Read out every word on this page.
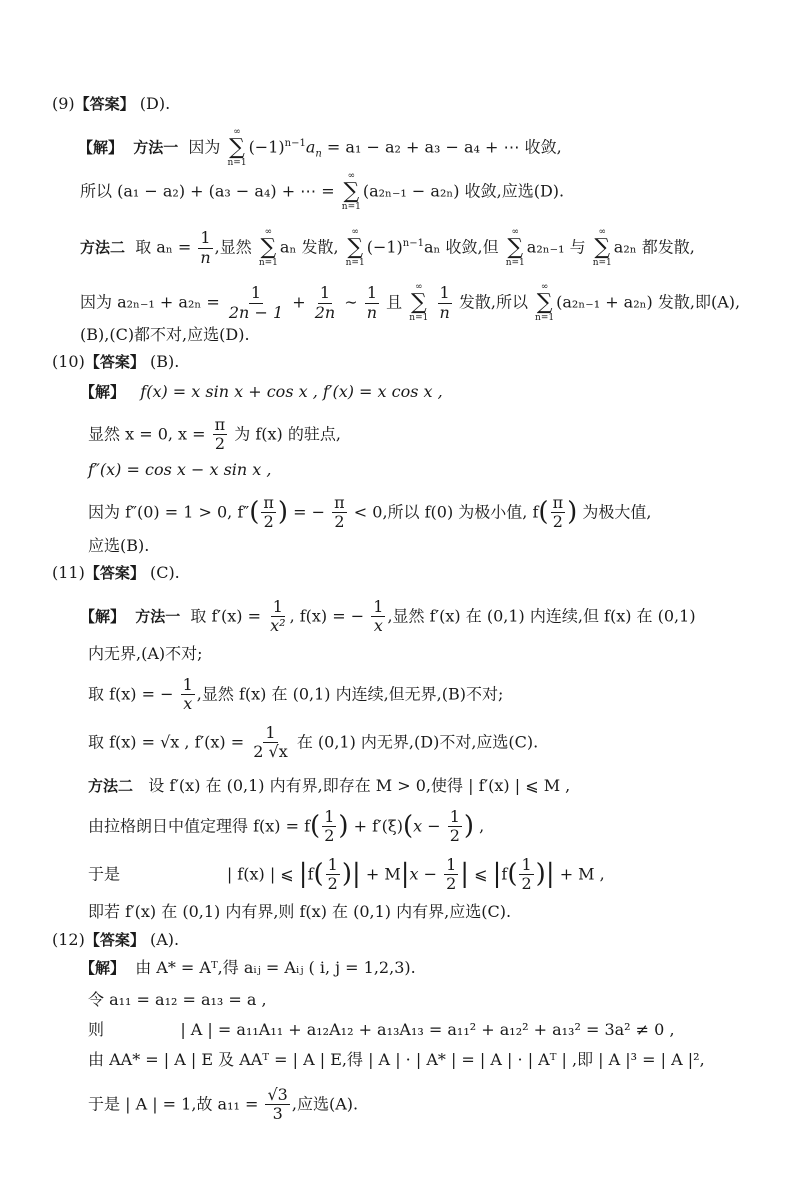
(9)【答案】 (D).
【解】 方法一 因为
∞
∑
n=1
$(-1)^{n-1}a_n = a_1 - a_2 + a_3 - a_4$ + ⋯ 收敛,
所以 (a₁ − a₂) + (a₃ − a₄) + ⋯ =
∞
∑
n=1
(a₂ₙ₋₁ − a₂ₙ) 收敛,应选(D).
方法二 取 $a_n = \frac{1}{n}$ ,显然
∞
∑
n=1
aₙ 发散,
∞
∑
n=1
$(-1)^{n-1}a_n$ 收敛,但
∞
∑
n=1
a₂ₙ₋₁ 与
∞
∑
n=1
a₂ₙ 都发散,
因为 $a_{2n-1} + a_{2n} = \frac{1}{2n - 1} + \frac{1}{2n}$ ∼ $\frac{1}{n}$ 且
∞
∑
n=1
$\frac{1}{n}$ 发散,所以
∞
∑
n=1
(a₂ₙ₋₁ + a₂ₙ) 发散,即(A),
(B),(C)都不对,应选(D).
(10)【答案】 (B).
【解】 f(x) = x sin x + cos x , f′(x) = x cos x ,
显然 x = 0, $x = \frac{\pi}{2}$ 为 f(x) 的驻点,
f″(x) = cos x − x sin x ,
因为 f″(0) = 1 > 0, $f''( \frac{\pi}{2}$ ) = − $\frac{\pi}{2} < 0$,所以 f(0) 为极小值, $f( \frac{\pi}{2}$ ) 为极大值,
应选(B).
(11)【答案】 (C).
【解】 方法一 取 $f'(x) = \frac{1}{\text{x²}}$ , f(x) = − $\frac{1}{x}$ ,显然 f′(x) 在 (0,1) 内连续,但 f(x) 在 (0,1)
内无界,(A)不对;
取 f(x) = − $\frac{1}{x}$ ,显然 f(x) 在 (0,1) 内连续,但无界,(B)不对;
取 f(x) = √x , $f'(x) = \frac{1}{2 √x}$ 在 (0,1) 内无界,(D)不对,应选(C).
方法二 设 f′(x) 在 (0,1) 内有界,即存在 M > 0,使得 | f′(x) | ⩽ M ,
由拉格朗日中值定理得 $f(x) = f( \frac{1}{2}$ ) + $f'(\xi)(x - \frac{1}{2}$ ) ,
于是	| f(x) | ⩽ $|f( \frac{1}{2}$ )| + $M|x - \frac{1}{2}$ | ⩽ $|f( \frac{1}{2}$ )| + M ,
即若 f′(x) 在 (0,1) 内有界,则 f(x) 在 (0,1) 内有界,应选(C).
(12)【答案】 (A).
【解】 由 A* = Aᵀ,得 aᵢⱼ = Aᵢⱼ ( i, j = 1,2,3).
令 a₁₁ = a₁₂ = a₁₃ = a ,
则	| A | = a₁₁A₁₁ + a₁₂A₁₂ + a₁₃A₁₃ = a₁₁² + a₁₂² + a₁₃² = 3a² ≠ 0 ,
由 AA* = | A | E 及 AAᵀ = | A | E,得 | A | · | A* | = | A | · | Aᵀ | ,即 | A |³ = | A |²,
于是 | A | = 1,故 $a_{11} = \frac{√3}{3}$ ,应选(A).
